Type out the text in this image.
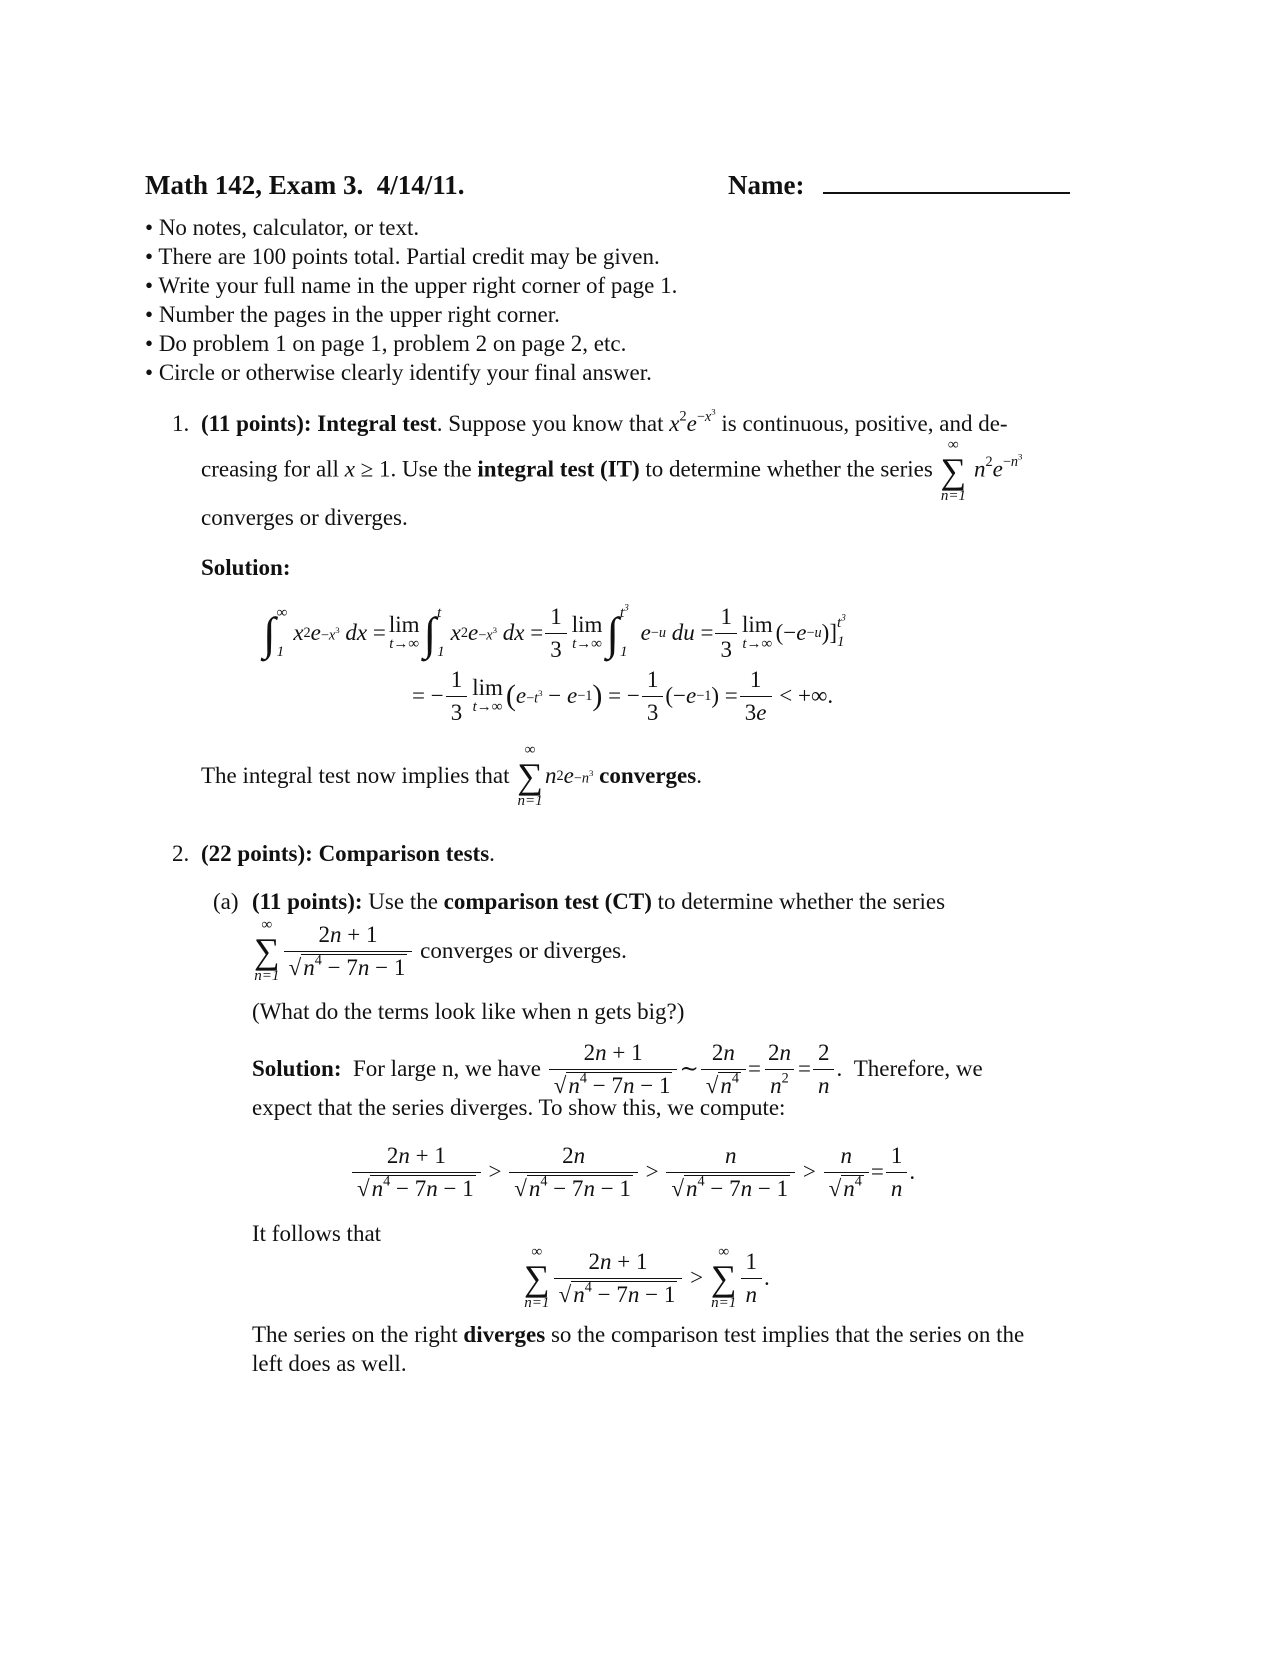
Math 142, Exam 3. 4/14/11.	Name:
• No notes, calculator, or text.
• There are 100 points total. Partial credit may be given.
• Write your full name in the upper right corner of page 1.
• Number the pages in the upper right corner.
• Do problem 1 on page 1, problem 2 on page 2, etc.
• Circle or otherwise clearly identify your final answer.
1. (11 points): Integral test. Suppose you know that $x^2e^{-x^3}$ is continuous, positive, and de-
creasing for all x ≥ 1. Use the integral test (IT) to determine whether the series
∞
∑
n=1
$n^2e^{-n^3}$
converges or diverges.
Solution:
∫ ∞
1
x 2 $e -x^3$
dx = lim
t→∞ ∫ t
1
x 2 $e -x^3$
dx = $\frac{1}{3}$ lim
t→∞ ∫ $t^3$
1

e −u
du = $\frac{1}{3}$ lim
t→∞ (− e −u )] $t^3$
1
= − $\frac{1}{3}$ lim
t→∞ ( $e -t^3 - e -1$ ) = − $\frac{1}{3}$ (− e −1 ) = $\frac{1}{3e}$ < +∞.
The integral test now implies that

∞
∑
n=1
n 2 $e -n^3$
converges .
2. (22 points): Comparison tests.
(a) (11 points): Use the comparison test (CT) to determine whether the series
∞
∑
$n=1 \frac{2n + 1}{√n^4 - 7n - 1}$
converges or diverges.
(What do the terms look like when n gets big?)
Solution:
For large n, we have
$\frac{2n + 1}{√n^4 - 7n - 1}$ ∼ $\frac{2n}{√n^4} = \frac{2n}{n^2} = \frac{2}{n}$ . Therefore, we
expect that the series diverges. To show this, we compute:
$\frac{2n + 1}{√n^4 - 7n - 1} > \frac{2n}{√n^4 - 7n - 1} > \frac{n}{√n^4 - 7n - 1} > \frac{n}{√n^4} = \frac{1}{n}$ .
It follows that
∞
∑
$n=1 \frac{2n + 1}{√n^4 - 7n - 1}$ >
∞
∑
$n=1 \frac{1}{n}$ .
The series on the right diverges so the comparison test implies that the series on the
left does as well.
